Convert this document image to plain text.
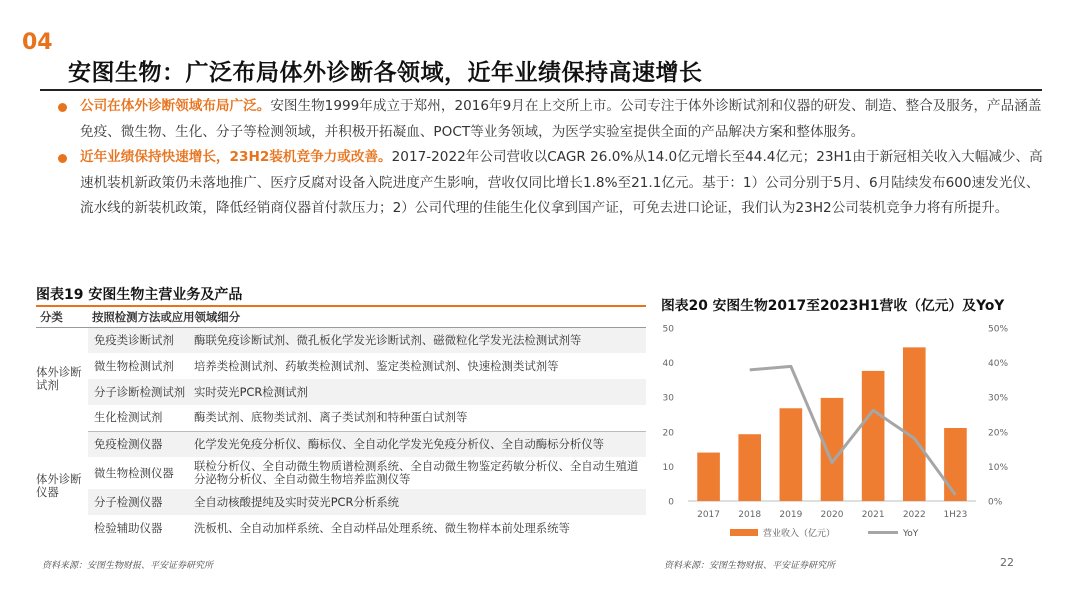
04
安图生物：广泛布局体外诊断各领域，近年业绩保持高速增长
公司在体外诊断领域布局广泛。安图生物1999年成立于郑州，2016年9月在上交所上市。公司专注于体外诊断试剂和仪器的研发、制造、整合及服务，产品涵盖免疫、微生物、生化、分子等检测领域，并积极开拓凝血、POCT等业务领域，为医学实验室提供全面的产品解决方案和整体服务。
近年业绩保持快速增长，23H2装机竞争力或改善。2017-2022年公司营收以CAGR 26.0%从14.0亿元增长至44.4亿元；23H1由于新冠相关收入大幅减少、高速机装机新政策仍未落地推广、医疗反腐对设备入院进度产生影响，营收仅同比增长1.8%至21.1亿元。基于：1）公司分别于5月、6月陆续发布600速发光仪、流水线的新装机政策，降低经销商仪器首付款压力；2）公司代理的佳能生化仪拿到国产证，可免去进口论证，我们认为23H2公司装机竞争力将有所提升。
图表19 安图生物主营业务及产品
分类	按照检测方法或应用领域细分	
体外诊断试剂	免疫类诊断试剂	酶联免疫诊断试剂、微孔板化学发光诊断试剂、磁微粒化学发光法检测试剂等
	微生物检测试剂	培养类检测试剂、药敏类检测试剂、鉴定类检测试剂、快速检测类试剂等
	分子诊断检测试剂	实时荧光PCR检测试剂
	生化检测试剂	酶类试剂、底物类试剂、离子类试剂和特种蛋白试剂等
体外诊断仪器	免疫检测仪器	化学发光免疫分析仪、酶标仪、全自动化学发光免疫分析仪、全自动酶标分析仪等
	微生物检测仪器	联检分析仪、全自动微生物质谱检测系统、全自动微生物鉴定药敏分析仪、全自动生殖道分泌物分析仪、全自动微生物培养监测仪等
	分子检测仪器	全自动核酸提纯及实时荧光PCR分析系统
	检验辅助仪器	洗板机、全自动加样系统、全自动样品处理系统、微生物样本前处理系统等
资料来源：安图生物财报、平安证券研究所
图表20 安图生物2017至2023H1营收（亿元）及YoY
0
10
20
30
40
50
0%
10%
20%
30%
40%
50%
2017 2018 2019 2020 2021 2022 1H23
营业收入（亿元）	YoY
资料来源：安图生物财报、平安证券研究所	22
